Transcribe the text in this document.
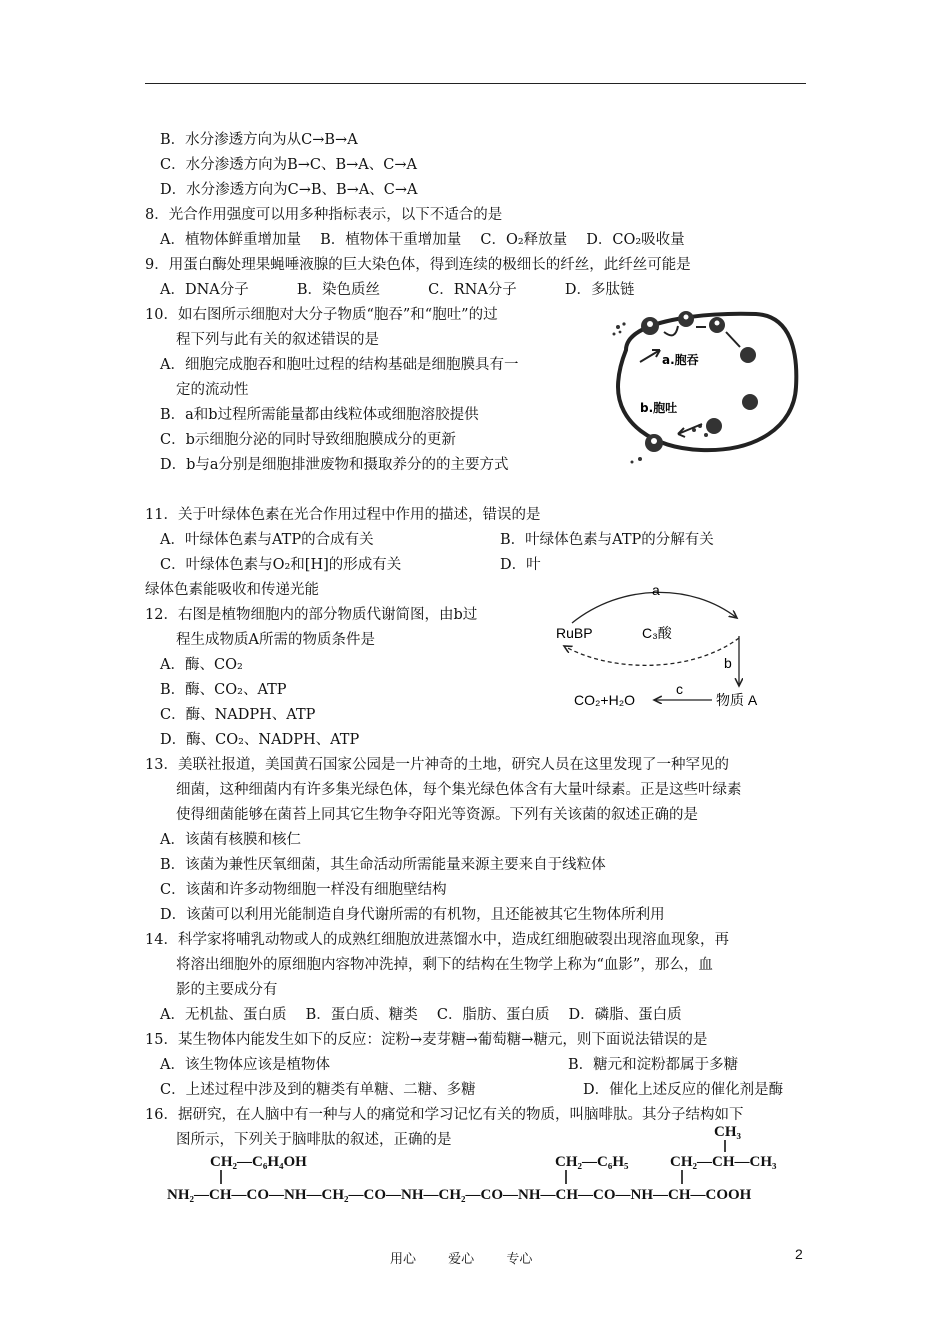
B．水分渗透方向为从C→B→A
C．水分渗透方向为B→C、B→A、C→A
D．水分渗透方向为C→B、B→A、C→A
8．光合作用强度可以用多种指标表示，以下不适合的是
A．植物体鲜重增加量　 B．植物体干重增加量　 C．O₂释放量　 D．CO₂吸收量
9．用蛋白酶处理果蝇唾液腺的巨大染色体，得到连续的极细长的纤丝，此纤丝可能是
A．DNA分子　　　 B．染色质丝　　　 C．RNA分子　　　 D．多肽链
10．如右图所示细胞对大分子物质“胞吞”和“胞吐”的过
程下列与此有关的叙述错误的是
A．细胞完成胞吞和胞吐过程的结构基础是细胞膜具有一
定的流动性
B．a和b过程所需能量都由线粒体或细胞溶胶提供
C．b示细胞分泌的同时导致细胞膜成分的更新
D．b与a分别是细胞排泄废物和摄取养分的的主要方式
11．关于叶绿体色素在光合作用过程中作用的描述，错误的是
A．叶绿体色素与ATP的合成有关	B．叶绿体色素与ATP的分解有关
C．叶绿体色素与O₂和[H]的形成有关	D．叶
绿体色素能吸收和传递光能
12．右图是植物细胞内的部分物质代谢简图，由b过
程生成物质A所需的物质条件是
A．酶、CO₂
B．酶、CO₂、ATP
C．酶、NADPH、ATP
D．酶、CO₂、NADPH、ATP
13．美联社报道，美国黄石国家公园是一片神奇的土地，研究人员在这里发现了一种罕见的
细菌，这种细菌内有许多集光绿色体，每个集光绿色体含有大量叶绿素。正是这些叶绿素
使得细菌能够在菌苔上同其它生物争夺阳光等资源。下列有关该菌的叙述正确的是
A．该菌有核膜和核仁
B．该菌为兼性厌氧细菌，其生命活动所需能量来源主要来自于线粒体
C．该菌和许多动物细胞一样没有细胞壁结构
D．该菌可以利用光能制造自身代谢所需的有机物，且还能被其它生物体所利用
14．科学家将哺乳动物或人的成熟红细胞放进蒸馏水中，造成红细胞破裂出现溶血现象，再
将溶出细胞外的原细胞内容物冲洗掉，剩下的结构在生物学上称为“血影”，那么，血
影的主要成分有
A．无机盐、蛋白质　 B．蛋白质、糖类　 C．脂肪、蛋白质　 D．磷脂、蛋白质
15．某生物体内能发生如下的反应：淀粉→麦芽糖→葡萄糖→糖元，则下面说法错误的是
A．该生物体应该是植物体	B．糖元和淀粉都属于多糖
C．上述过程中涉及到的糖类有单糖、二糖、多糖	D．催化上述反应的催化剂是酶
16．据研究，在人脑中有一种与人的痛觉和学习记忆有关的物质，叫脑啡肽。其分子结构如下
图所示，下列关于脑啡肽的叙述，正确的是
a.胞吞
b.胞吐
a
RuBP	C₃酸
b
c
CO₂+H₂O	物质 A
CH₃
CH₂—C₆H₄OH	CH₂—C₆H₅	CH₂—CH—CH₃
NH₂—CH—CO—NH—CH₂—CO—NH—CH₂—CO—NH—CH—CO—NH—CH—COOH
用心 爱心 专心	2
